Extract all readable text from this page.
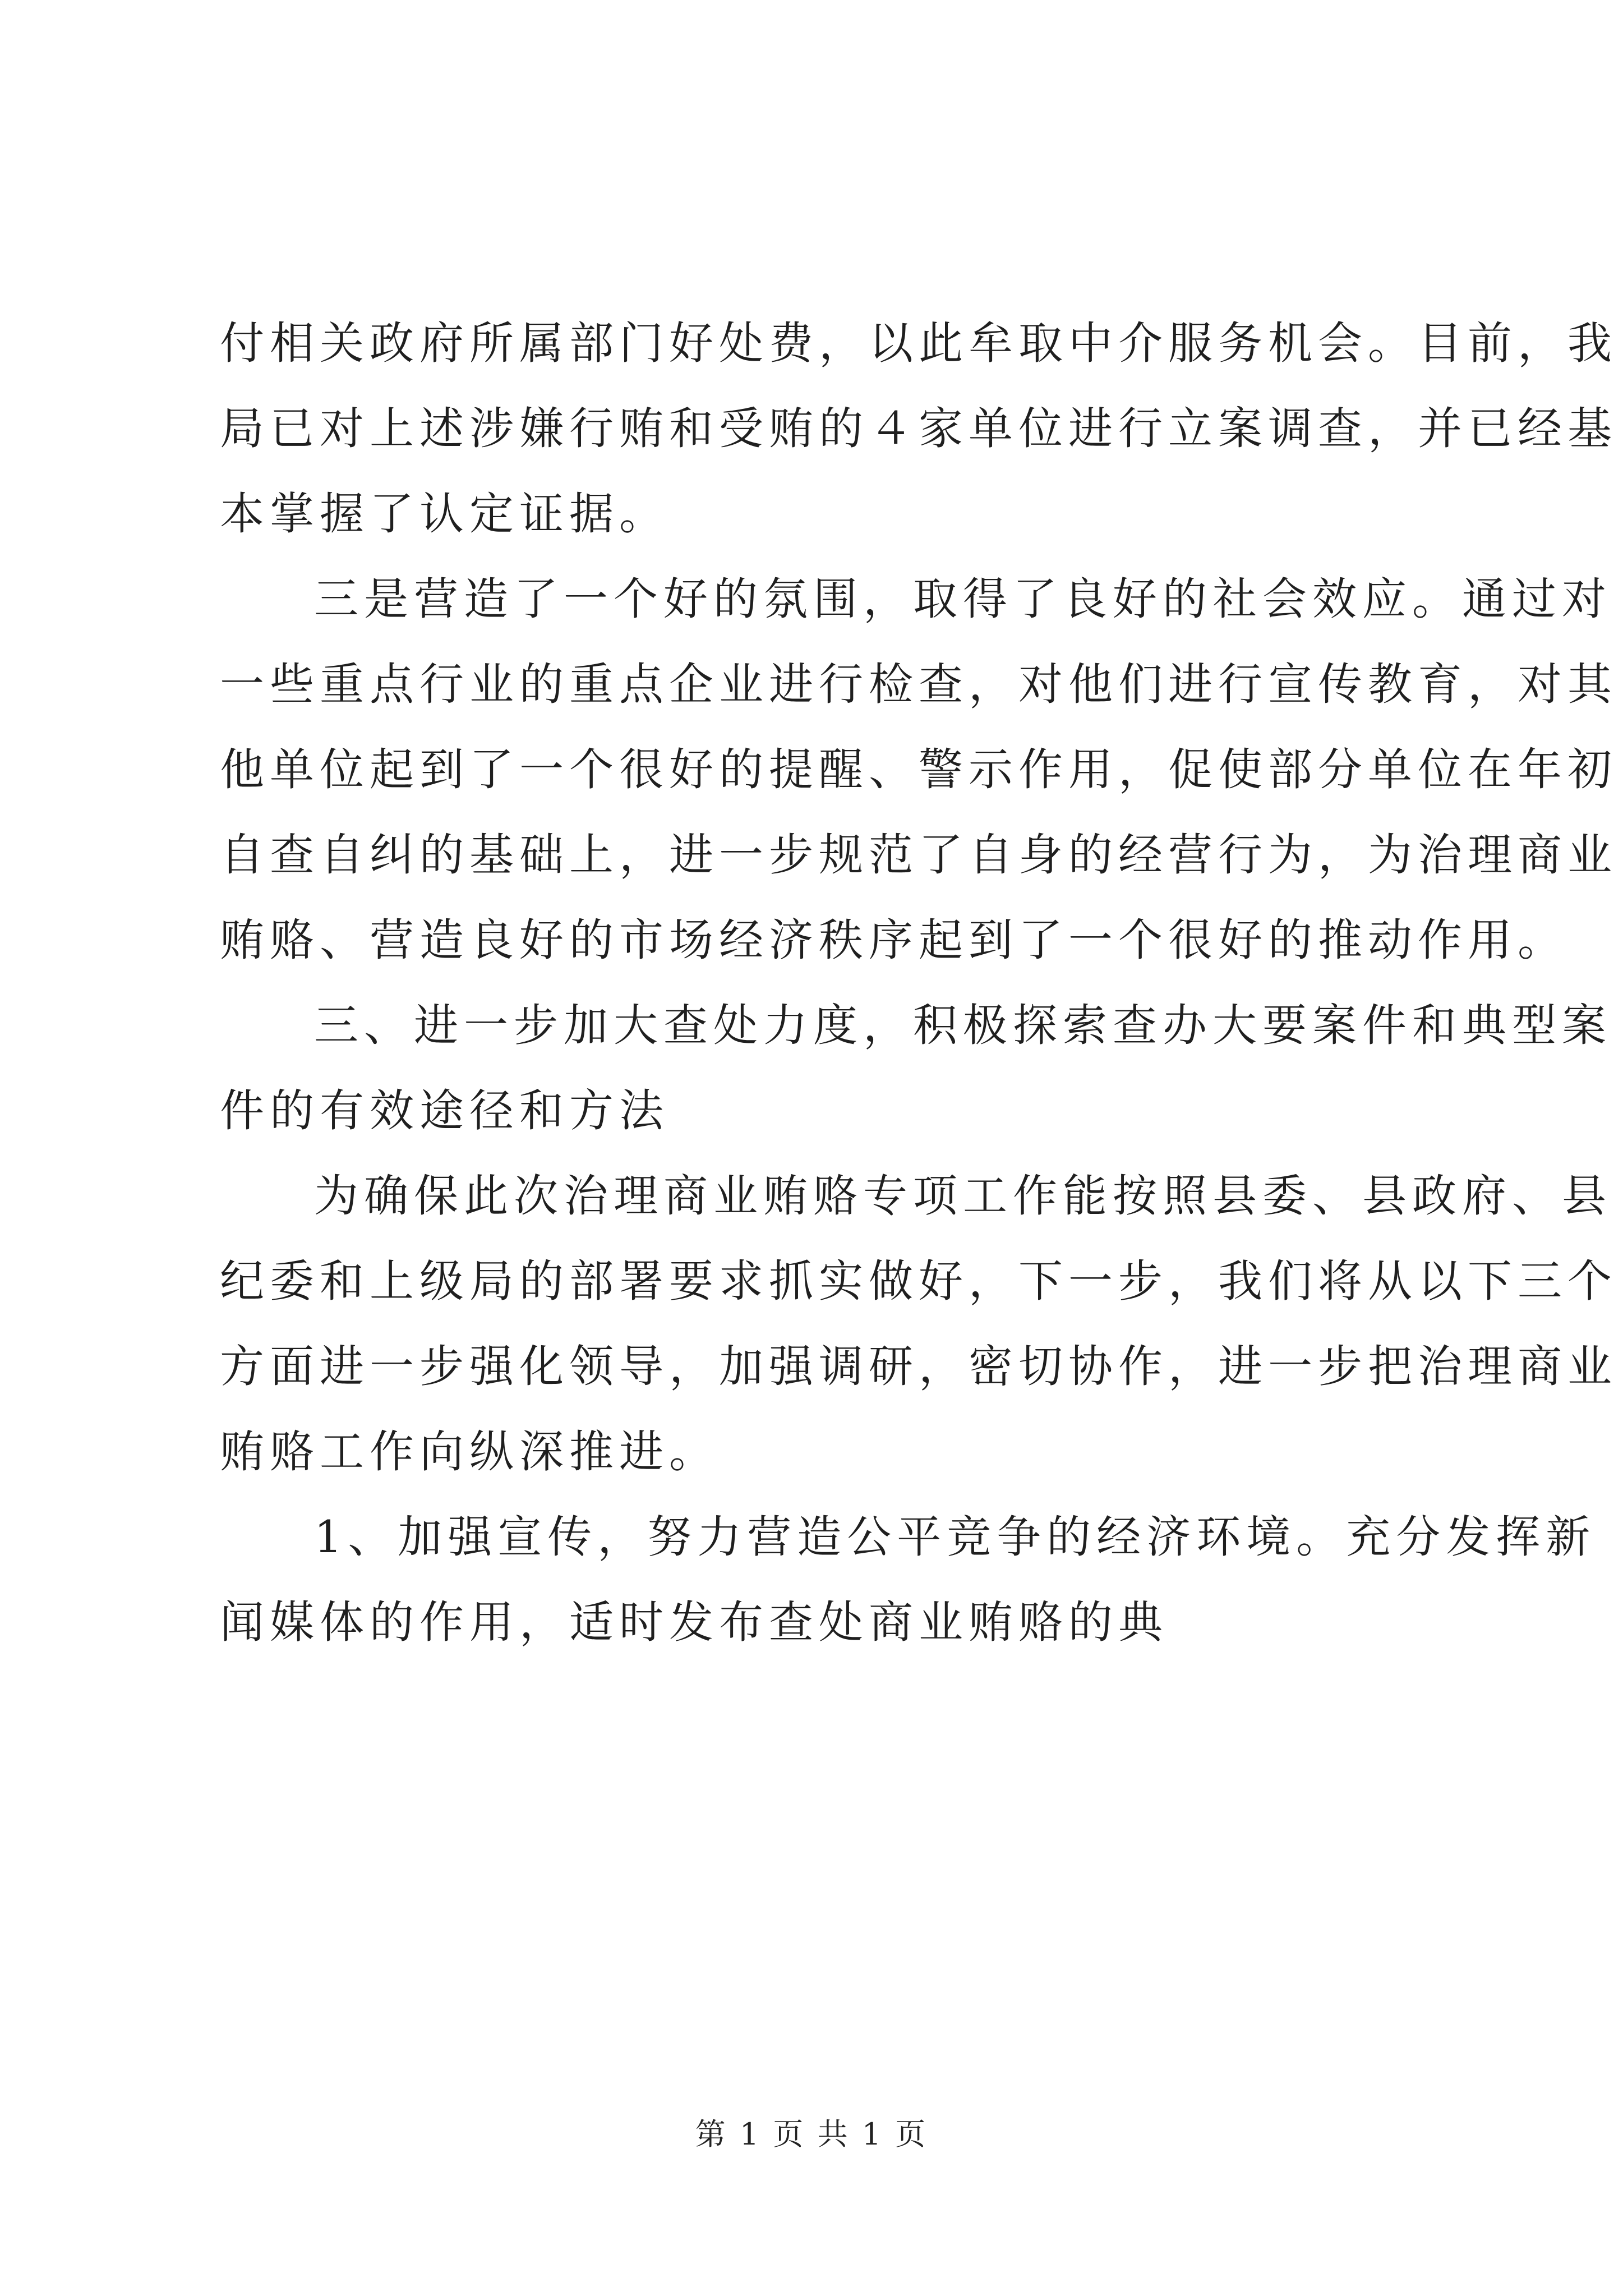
付相关政府所属部门好处费，以此牟取中介服务机会。目前，我
局已对上述涉嫌行贿和受贿的４家单位进行立案调查，并已经基
本掌握了认定证据。

三是营造了一个好的氛围，取得了良好的社会效应。通过对
一些重点行业的重点企业进行检查，对他们进行宣传教育，对其
他单位起到了一个很好的提醒、警示作用，促使部分单位在年初
自查自纠的基础上，进一步规范了自身的经营行为，为治理商业
贿赂、营造良好的市场经济秩序起到了一个很好的推动作用。

三、进一步加大查处力度，积极探索查办大要案件和典型案
件的有效途径和方法

为确保此次治理商业贿赂专项工作能按照县委、县政府、县
纪委和上级局的部署要求抓实做好，下一步，我们将从以下三个
方面进一步强化领导，加强调研，密切协作，进一步把治理商业
贿赂工作向纵深推进。

1、加强宣传，努力营造公平竞争的经济环境。充分发挥新
闻媒体的作用，适时发布查处商业贿赂的典

第 1 页 共 1 页
